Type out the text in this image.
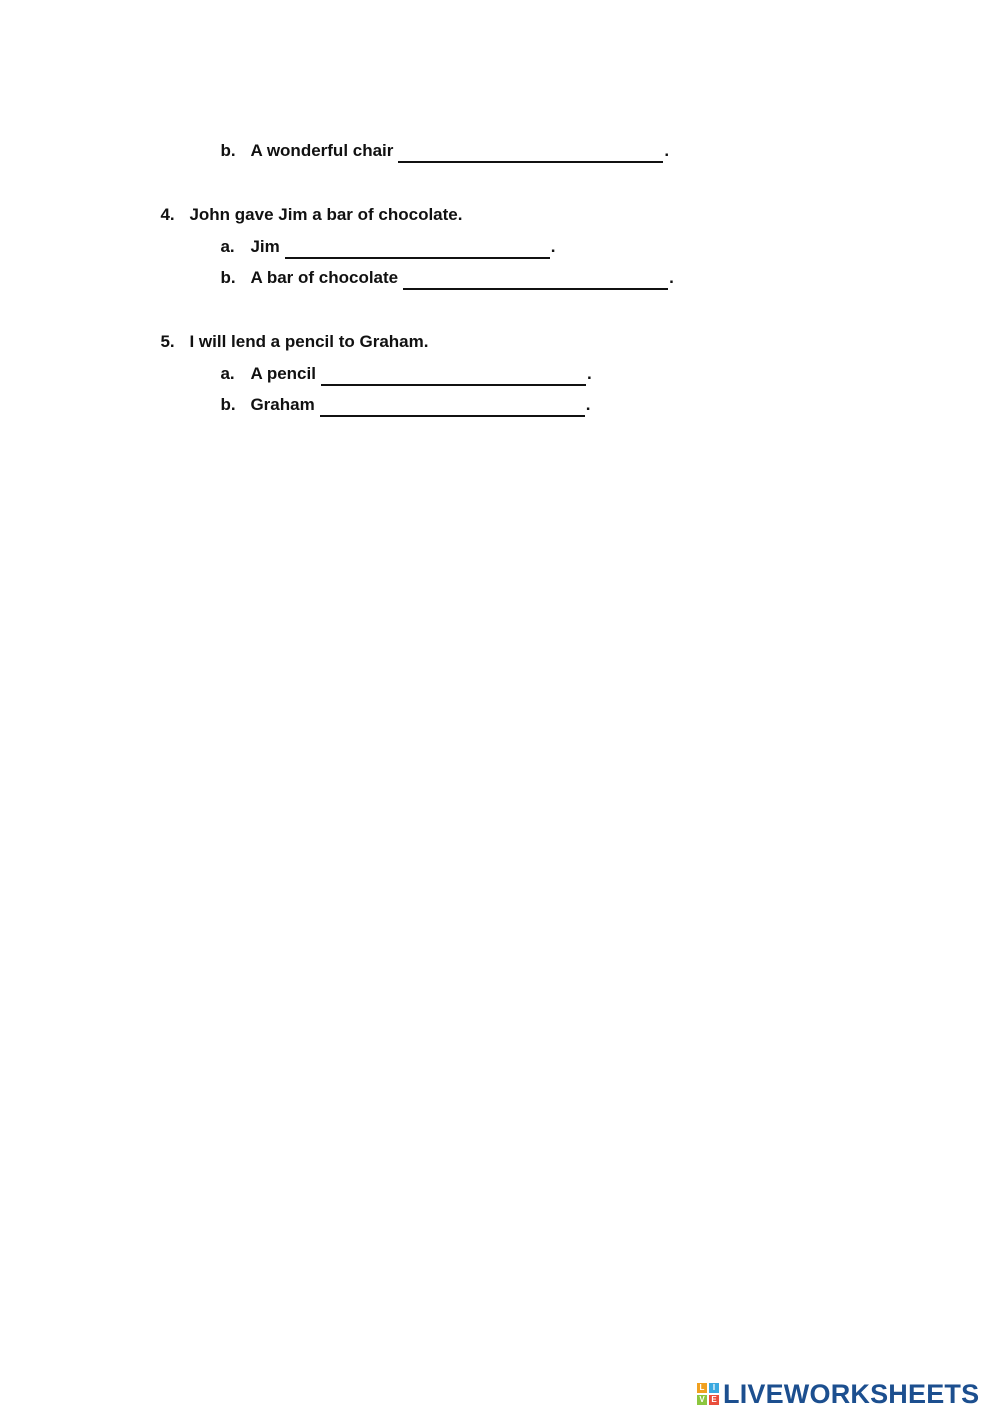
b. A wonderful chair	.

4. John gave Jim a bar of chocolate.

a. Jim	.

b. A bar of chocolate	.

5. I will lend a pencil to Graham.

a. A pencil	.

b. Graham	.

L	I
V E LIVEWORKSHEETS
